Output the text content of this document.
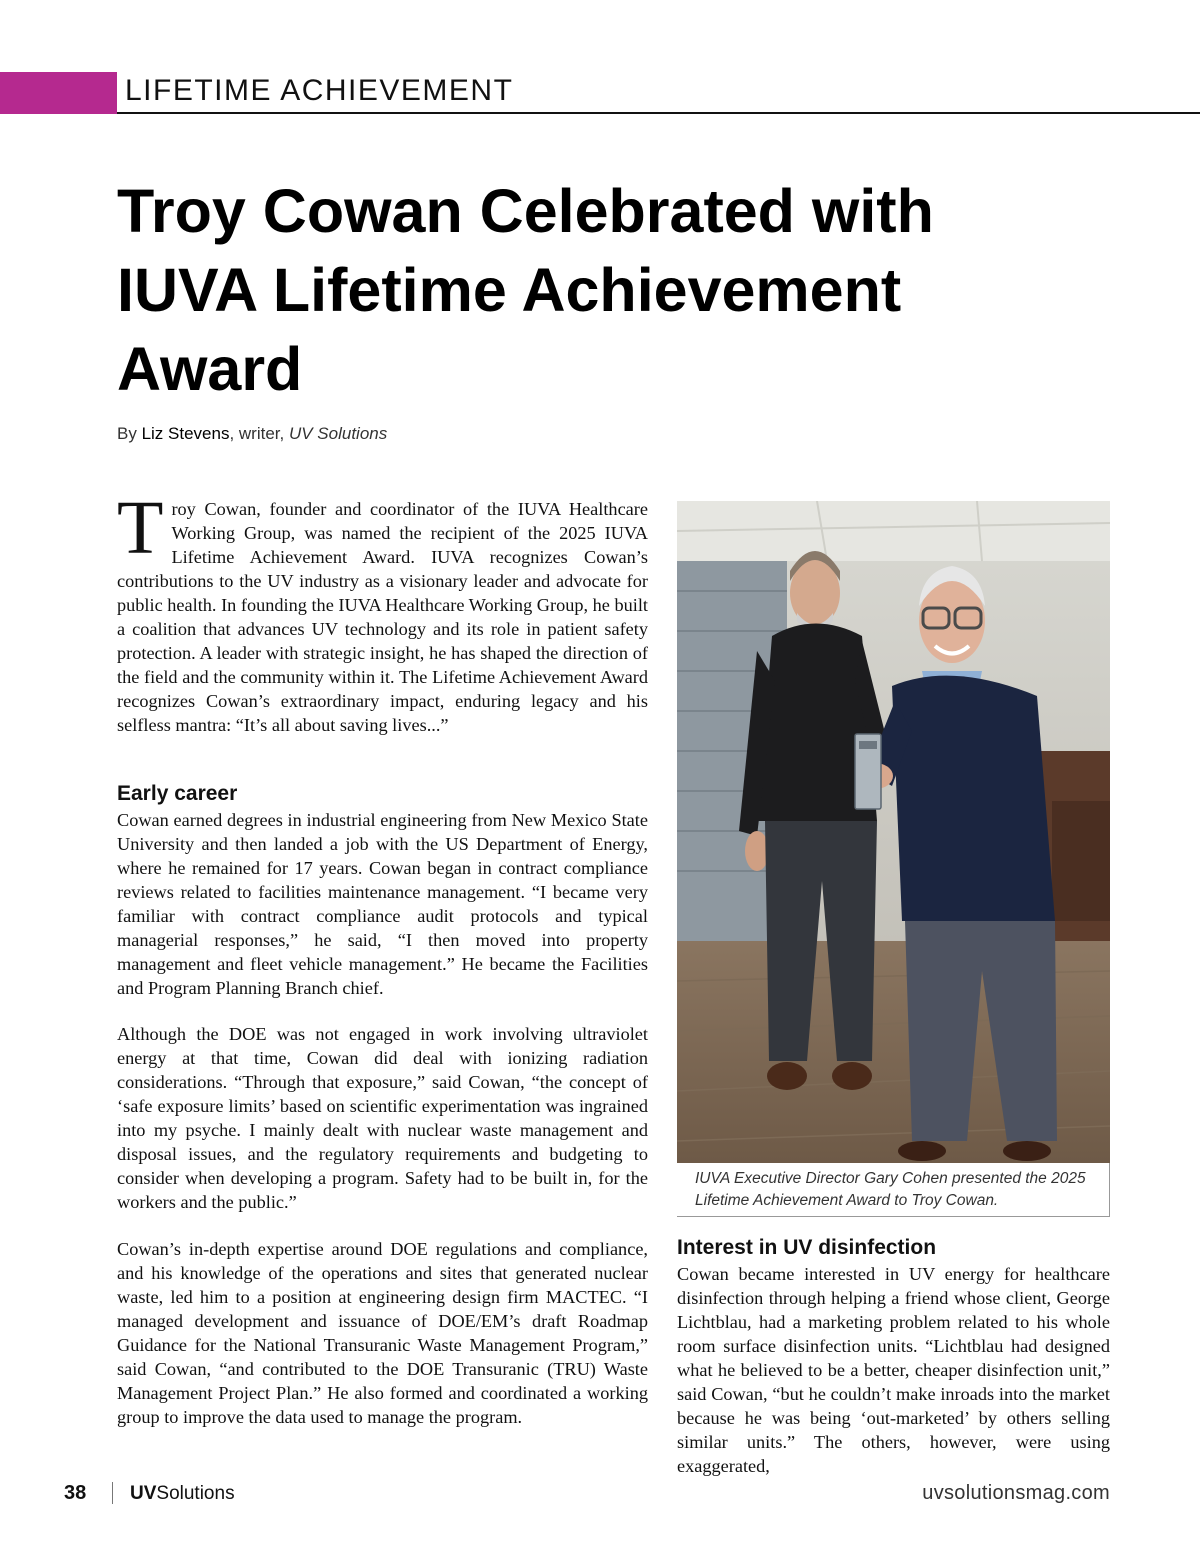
LIFETIME ACHIEVEMENT
Troy Cowan Celebrated with IUVA Lifetime Achievement Award
By Liz Stevens, writer, UV Solutions

Troy Cowan, founder and coordinator of the IUVA Healthcare Working Group, was named the recipient of the 2025 IUVA Lifetime Achievement Award. IUVA recognizes Cowan’s contributions to the UV industry as a visionary leader and advocate for public health. In founding the IUVA Healthcare Working Group, he built a coalition that advances UV technology and its role in patient safety protection. A leader with strategic insight, he has shaped the direction of the field and the community within it. The Lifetime Achievement Award recognizes Cowan’s extraordinary impact, enduring legacy and his selfless mantra: “It’s all about saving lives...”

Early career

Cowan earned degrees in industrial engineering from New Mexico State University and then landed a job with the US Department of Energy, where he remained for 17 years. Cowan began in contract compliance reviews related to facilities maintenance management. “I became very familiar with contract compliance audit protocols and typical managerial responses,” he said, “I then moved into property management and fleet vehicle management.” He became the Facilities and Program Planning Branch chief.

Although the DOE was not engaged in work involving ultraviolet energy at that time, Cowan did deal with ionizing radiation considerations. “Through that exposure,” said Cowan, “the concept of ‘safe exposure limits’ based on scientific experimentation was ingrained into my psyche. I mainly dealt with nuclear waste management and disposal issues, and the regulatory requirements and budgeting to consider when developing a program. Safety had to be built in, for the workers and the public.”

Cowan’s in-depth expertise around DOE regulations and compliance, and his knowledge of the operations and sites that generated nuclear waste, led him to a position at engineering design firm MACTEC. “I managed development and issuance of DOE/EM’s draft Roadmap Guidance for the National Transuranic Waste Management Program,” said Cowan, “and contributed to the DOE Transuranic (TRU) Waste Management Project Plan.” He also formed and coordinated a working group to improve the data used to manage the program.

IUVA Executive Director Gary Cohen presented the 2025 Lifetime Achievement Award to Troy Cowan.

Interest in UV disinfection

Cowan became interested in UV energy for healthcare disinfection through helping a friend whose client, George Lichtblau, had a marketing problem related to his whole room surface disinfection units. “Lichtblau had designed what he believed to be a better, cheaper disinfection unit,” said Cowan, “but he couldn’t make inroads into the market because he was being ‘out-marketed’ by others selling similar units.” The others, however, were using exaggerated,

38 UVSolutions	uvsolutionsmag.com
